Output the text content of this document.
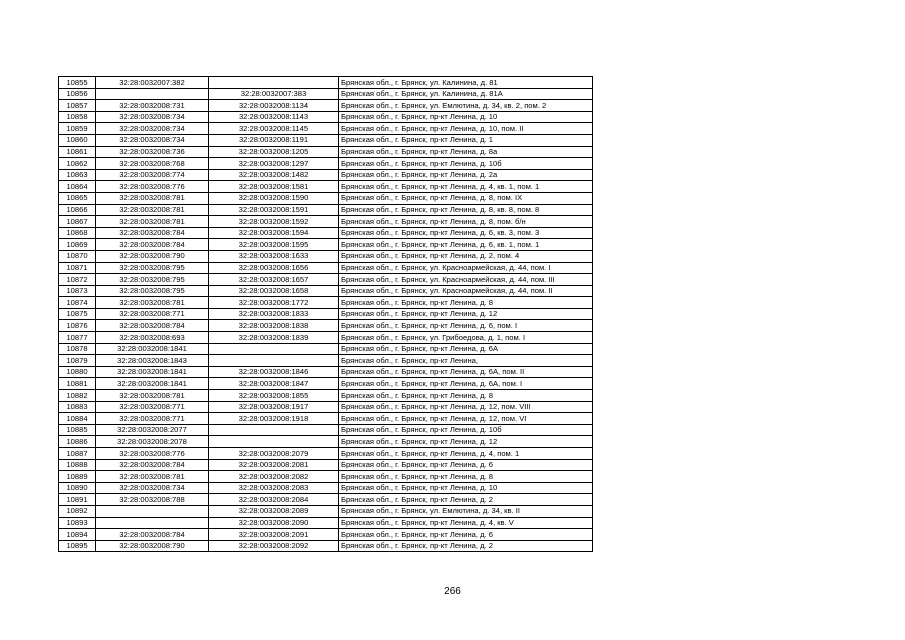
10855	32:28:0032007:382		Брянская обл., г. Брянск, ул. Калинина, д. 81
10856		32:28:0032007:383	Брянская обл., г. Брянск, ул. Калинина, д. 81А
10857	32:28:0032008:731	32:28:0032008:1134	Брянская обл., г. Брянск, ул. Емлютина, д. 34, кв. 2, пом. 2
10858	32:28:0032008:734	32:28:0032008:1143	Брянская обл., г. Брянск, пр-кт Ленина, д. 10
10859	32:28:0032008:734	32:28:0032008:1145	Брянская обл., г. Брянск, пр-кт Ленина, д. 10, пом. II
10860	32:28:0032008:734	32:28:0032008:1191	Брянская обл., г. Брянск, пр-кт Ленина, д. 1
10861	32:28:0032008:736	32:28:0032008:1205	Брянская обл., г. Брянск, пр-кт Ленина, д. 8а
10862	32:28:0032008:768	32:28:0032008:1297	Брянская обл., г. Брянск, пр-кт Ленина, д. 10б
10863	32:28:0032008:774	32:28:0032008:1482	Брянская обл., г. Брянск, пр-кт Ленина, д. 2а
10864	32:28:0032008:776	32:28:0032008:1581	Брянская обл., г. Брянск, пр-кт Ленина, д. 4, кв. 1, пом. 1
10865	32:28:0032008:781	32:28:0032008:1590	Брянская обл., г. Брянск, пр-кт Ленина, д. 8, пом. IX
10866	32:28:0032008:781	32:28:0032008:1591	Брянская обл., г. Брянск, пр-кт Ленина, д. 8, кв. 8, пом. 8
10867	32:28:0032008:781	32:28:0032008:1592	Брянская обл., г. Брянск, пр-кт Ленина, д. 8, пом. б/н
10868	32:28:0032008:784	32:28:0032008:1594	Брянская обл., г. Брянск, пр-кт Ленина, д. 6, кв. 3, пом. 3
10869	32:28:0032008:784	32:28:0032008:1595	Брянская обл., г. Брянск, пр-кт Ленина, д. 6, кв. 1, пом. 1
10870	32:28:0032008:790	32:28:0032008:1633	Брянская обл., г. Брянск, пр-кт Ленина, д. 2, пом. 4
10871	32:28:0032008:795	32:28:0032008:1656	Брянская обл., г. Брянск, ул. Красноармейская, д. 44, пом. I
10872	32:28:0032008:795	32:28:0032008:1657	Брянская обл., г. Брянск, ул. Красноармейская, д. 44, пом. III
10873	32:28:0032008:795	32:28:0032008:1658	Брянская обл., г. Брянск, ул. Красноармейская, д. 44, пом. II
10874	32:28:0032008:781	32:28:0032008:1772	Брянская обл., г. Брянск, пр-кт Ленина, д. 8
10875	32:28:0032008:771	32:28:0032008:1833	Брянская обл., г. Брянск, пр-кт Ленина, д. 12
10876	32:28:0032008:784	32:28:0032008:1838	Брянская обл., г. Брянск, пр-кт Ленина, д. 6, пом. I
10877	32:28:0032008:693	32:28:0032008:1839	Брянская обл., г. Брянск, ул. Грибоедова, д. 1, пом. I
10878	32:28:0032008:1841		Брянская обл., г. Брянск, пр-кт Ленина, д. 6А
10879	32:28:0032008:1843		Брянская обл., г. Брянск, пр-кт Ленина,
10880	32:28:0032008:1841	32:28:0032008:1846	Брянская обл., г. Брянск, пр-кт Ленина, д. 6А, пом. II
10881	32:28:0032008:1841	32:28:0032008:1847	Брянская обл., г. Брянск, пр-кт Ленина, д. 6А, пом. I
10882	32:28:0032008:781	32:28:0032008:1855	Брянская обл., г. Брянск, пр-кт Ленина, д. 8
10883	32:28:0032008:771	32:28:0032008:1917	Брянская обл., г. Брянск, пр-кт Ленина, д. 12, пом. VIII
10884	32:28:0032008:771	32:28:0032008:1918	Брянская обл., г. Брянск, пр-кт Ленина, д. 12, пом. VI
10885	32:28:0032008:2077		Брянская обл., г. Брянск, пр-кт Ленина, д. 10б
10886	32:28:0032008:2078		Брянская обл., г. Брянск, пр-кт Ленина, д. 12
10887	32:28:0032008:776	32:28:0032008:2079	Брянская обл., г. Брянск, пр-кт Ленина, д. 4, пом. 1
10888	32:28:0032008:784	32:28:0032008:2081	Брянская обл., г. Брянск, пр-кт Ленина, д. 6
10889	32:28:0032008:781	32:28:0032008:2082	Брянская обл., г. Брянск, пр-кт Ленина, д. 8
10890	32:28:0032008:734	32:28:0032008:2083	Брянская обл., г. Брянск, пр-кт Ленина, д. 10
10891	32:28:0032008:788	32:28:0032008:2084	Брянская обл., г. Брянск, пр-кт Ленина, д. 2
10892		32:28:0032008:2089	Брянская обл., г. Брянск, ул. Емлютина, д. 34, кв. II
10893		32:28:0032008:2090	Брянская обл., г. Брянск, пр-кт Ленина, д. 4, кв. V
10894	32:28:0032008:784	32:28:0032008:2091	Брянская обл., г. Брянск, пр-кт Ленина, д. 6
10895	32:28:0032008:790	32:28:0032008:2092	Брянская обл., г. Брянск, пр-кт Ленина, д. 2
266
